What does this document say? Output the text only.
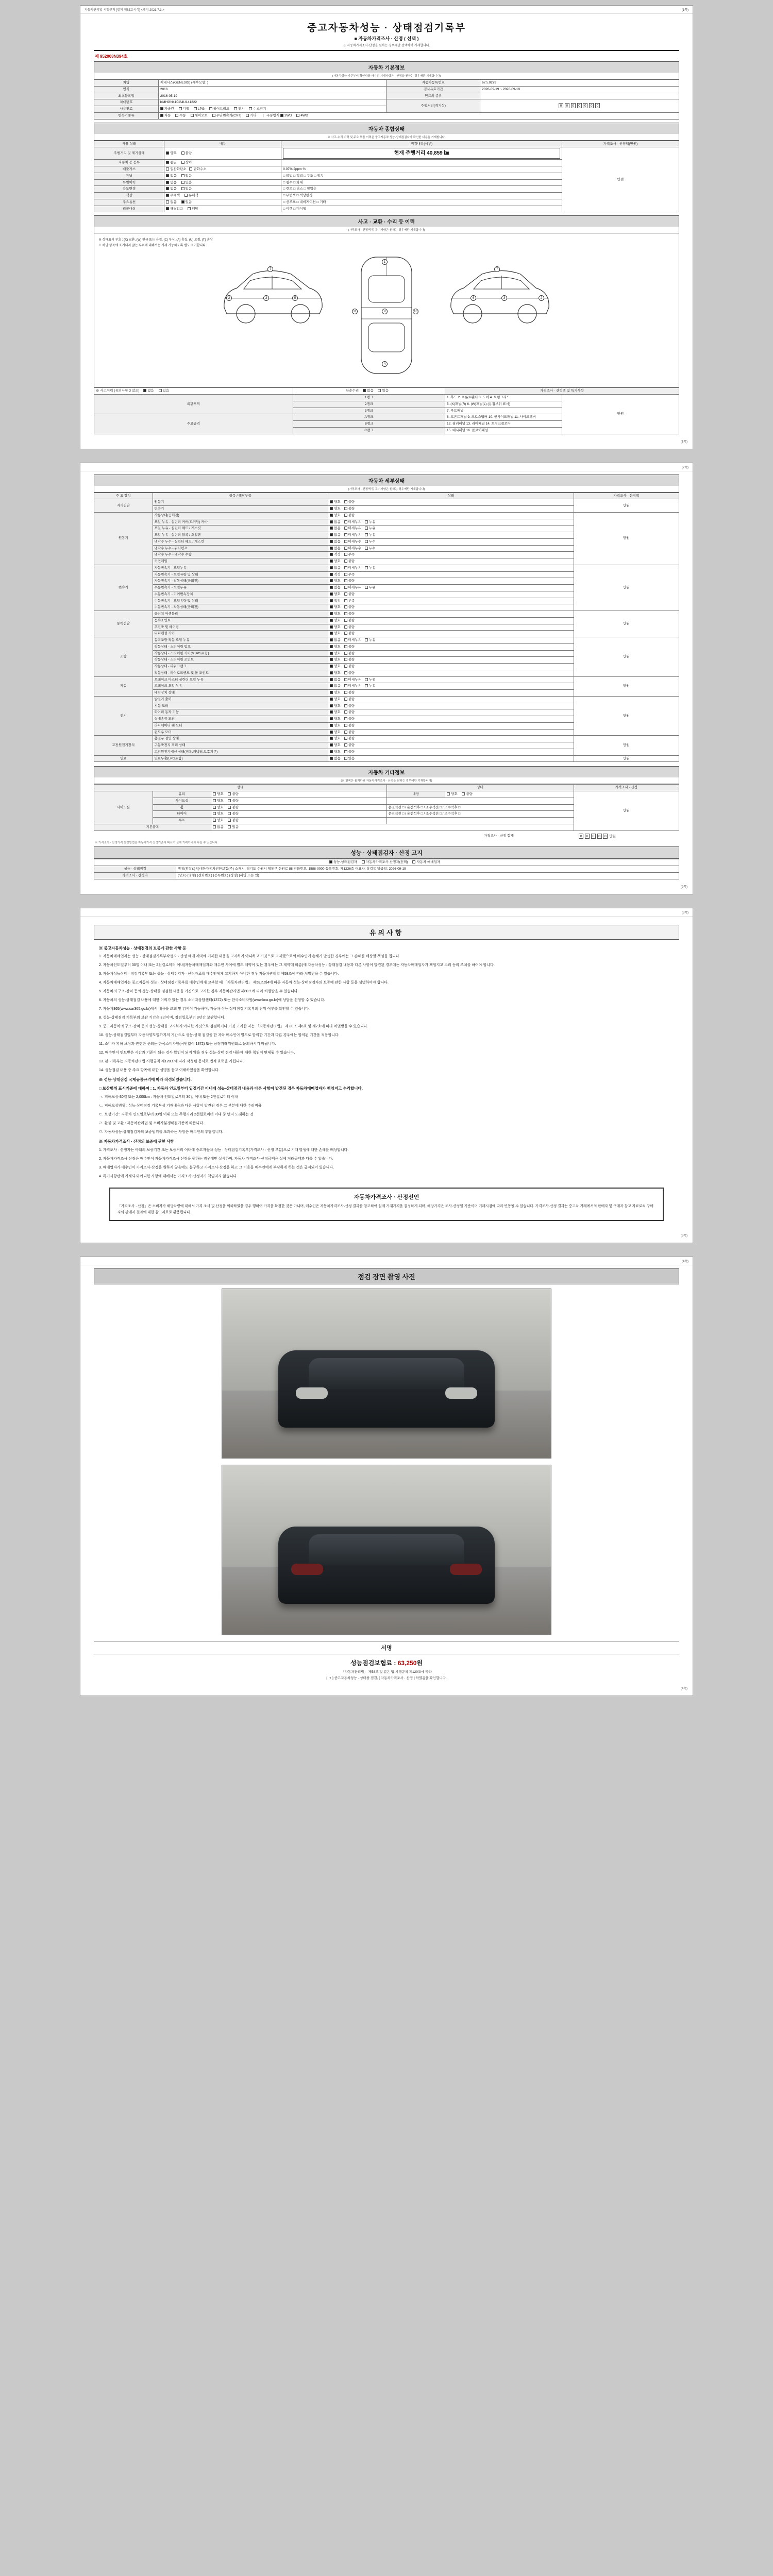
자동차관리법 시행규칙 [별지 제82호서식] <개정 2021.7.1.>	(1쪽)
중고자동차성능 · 상태점검기록부
■ 자동차가격조사 · 산정 ( 선택 )
※ 자동차가격조사·산정을 원하는 경우에만 선택하여 기재합니다.
제 952008N394호
자동차 기본정보
(자동차성능 기준부터 확인사항 까지의 기재사항은 · 산정을 원하는 경우에만 기재합니다)
차명	제네시스(GENESIS) (세부모델: )	자동차등록번호	67도0279
연식	2016	검사유효기간	2026-09-19 ~ 2028-09-19
최초등록일	2016-05-19	연료의 종류	
차대번호	KMHGN41CG4U141222	주행거리(계기상)	0 0 0 0 0 0 0
사용연료	가솔린 디젤 LPG 하이브리드 전기 수소전기		
변속기종류	자동 수동 세미오토 무단변속기(CVT) 기타   |   구동방식 2WD 4WD		
자동차 종합상태
※ 사고·수리 이력 및 주요 부품 이력은 중고자동차 성능·상태점검자가 확인한 내용을 기재합니다.
사용 상태	내용	점검내용(세부)	가격조사 · 산정액(만원)
주행거리 및 계기상태	양호 불량	현재 주행거리 40,859 ㎞	만원
자동차 등 등록	동일 상이		
배출가스	일산화탄소 탄화수소	0.07% 2ppm %	
튜닝	없음 있음	□ 불법 □ 적법 □ 구조 □ 장치	
특별이력	없음 있음	□ 침수 □ 화재	
용도변경	없음 있음	□ 렌트 □ 리스 □ 영업용	
색상	무채색 유채색	□ 무변색 □ 색상변경	
주요옵션	없음 있음	□ 선루프 □ 내비게이션 □ 기타	
리콜대상	해당없음 해당	□ 이행 □ 미이행	
사고 · 교환 · 수리 등 이력
(가격조사 · 산정액 및 특기사항은 원하는 경우에만 기재합니다)
※ 상태표시 부호 : (X) 교환, (W) 판금 또는 용접, (C) 부식, (A) 흠집, (U) 요철, (T) 손상
※ 하단 항목에 표기되지 않는 부위에 대해서는 기재 가능하도록 별도 표기합니다.
2	3	5
7
1
9
4
11	10
2
3
6
7
※ 사고이력 (유의사항 3 참조) 없음 있음	단순수리 없음 있음	가격조사 · 산정액 및 특기사항	
외판부위	1랭크	1. 후드 2. 프론트휀더 3. 도어 4. 트렁크리드	만원
	2랭크	5. (X)패널(R) 6. (W)패널(L) (용접부위 표시)	
	3랭크	7. 루프패널	
주요골격	A랭크	8. 프론트패널 9. 크로스멤버 10. 인사이드패널 11. 사이드멤버	
	B랭크	12. 필러패널 13. 리어패널 14. 트렁크플로어	
	C랭크	15. 대시패널 16. 플로어패널	
(1쪽)

(2쪽)
자동차 세부상태
(가격조사 · 산정액 및 특기사항은 원하는 경우에만 기재합니다)
주 요 장치	항목 / 해당부품	상태	가격조사 · 산정액
자기진단	원동기	양호 불량	만원
	변속기	양호 불량	
원동기	작동상태(공회전)	양호 불량	만원
	오일 누유 - 실린더 커버(로커암) 카바	없음 미세누유 누유	
	오일 누유 - 실린더 헤드 / 개스킷	없음 미세누유 누유	
	오일 누유 - 실린더 블록 / 오일팬	없음 미세누유 누유	
	냉각수 누수 - 실린더 헤드 / 개스킷	없음 미세누수 누수	
	냉각수 누수 - 워터펌프	없음 미세누수 누수	
	냉각수 누수 - 냉각수 수량	적정 부족	
	커먼레일	양호 불량	
변속기	자동변속기 - 오일누유	없음 미세누유 누유	만원
	자동변속기 - 오일유량 및 상태	적정 부족	
	자동변속기 - 작동상태(공회전)	양호 불량	
	수동변속기 - 오일누유	없음 미세누유 누유	
	수동변속기 - 기어변속장치	양호 불량	
	수동변속기 - 오일유량 및 상태	적정 부족	
	수동변속기 - 작동상태(공회전)	양호 불량	
동력전달	클러치 어셈블리	양호 불량	만원
	등속조인트	양호 불량	
	추진축 및 베어링	양호 불량	
	디퍼렌셜 기어	양호 불량	
조향	동력조향 작동 오일 누유	없음 미세누유 누유	만원
	작동상태 - 스티어링 펌프	양호 불량	
	작동상태 - 스티어링 기어(MDPS포함)	양호 불량	
	작동상태 - 스티어링 조인트	양호 불량	
	작동상태 - 파워크랭크	양호 불량	
	작동상태 - 타이로드엔드 및 볼 조인트	양호 불량	
제동	브레이크 마스터 실린더 오일 누유	없음 미세누유 누유	만원
	브레이크 오일 누유	없음 미세누유 누유	
	배력장치 상태	양호 불량	
전기	발전기 출력	양호 불량	만원
	시동 모터	양호 불량	
	와이퍼 동작 기능	양호 불량	
	실내송풍 모터	양호 불량	
	라디에이터 팬 모터	양호 불량	
	윈도우 모터	양호 불량	
고전원전기장치	충전구 절연 상태	양호 불량	만원
	구동축전지 격리 상태	양호 불량	
	고전원전기배선 상태(피복,커넥터,보호기구)	양호 불량	
연료	연료누출(LPG포함)	없음 있음	만원
자동차 기타정보
(※ 항목은 용지하되 자동차가격조사 · 산정을 원하는 경우에만 기재합니다)
상태			상태		가격조사 · 산정
사이드실	유리	양호 불량	내장	양호 불량	만원
	사이드실	양호 불량			
	휠	양호 불량	운전석전 □ / 운전석후 □ / 조수석전 □ / 조수석후 □		
	타이어	양호 불량	운전석전 □ / 운전석후 □ / 조수석전 □ / 조수석후 □		
	루프	양호 불량			
기본품목		없음 있음			
가격조사 · 산정 합계	0 0 0 0 0 만원
※ 가격조사 · 산정가격 산정방법은 자동차가격 산정기준에 따르며 실제 거래가격과 다를 수 있습니다.
성능 · 상태점검자 · 산정 고지
성능·상태점검자 자동차가격조사·산정자(선택) 자동차 매매업자	
성능 · 상태점검	명칭(위탁):(유)대한자동차진단보험(주) 소재지: 경기도 수원시 영통구 신원로 88 전화번호: 1588-0000 등록번호: 제1236호 대표자: 홍길동 발급일: 2026-09-19
가격조사 · 산정자	(상호) (명칭) (전화번호) (등록번호) (성명) (서명 또는 인)
(2쪽)

(3쪽)
유의사항

※ 중고자동차성능 · 상태점검의 보증에 관한 사항 등

1. 자동차매매업자는 성능 · 상태점검기록부작성자 · 산정 매매 계약에 기재한 내용을 고지하지 아니하고 거짓으로 고지했으로써 매수인에 손해가 발생한 경우에는 그 손해를 배상할 책임을 집니다.

2. 자동차인도일부터 30일 이내 또는 2천킬로미터 이내(자동차매매업자와 매수인 사이에 별도 계약이 있는 경우에는 그 계약에 따름)에 자동차성능 · 상태점검 내용과 다른 사항이 발견된 경우에는 자동차매매업자가 책임지고 수리 등의 조치를 하여야 합니다.

3. 자동차성능상태 · 점검기록부 또는 성능 · 상태점검자 · 산정자료를 매수인에게 고지하지 아니한 경우 자동차관리법 제58조에 따라 처벌받을 수 있습니다.

4. 자동차매매업자는 중고자동차 성능 · 상태점검기록부를 매수인에게 교부할 때 「자동차관리법」 제58조의4에 따른 자동차 성능·상태점검자의 보증에 관한 사항 등을 설명하여야 합니다.

5. 자동차의 구조·장치 등의 성능·상태를 점검한 내용을 거짓으로 고지한 경우 자동차관리법 제80조에 따라 처벌받을 수 있습니다.

6. 자동차의 성능·상태점검 내용에 대한 이의가 있는 경우 소비자상담센터(1372) 또는 한국소비자원(www.kca.go.kr)에 상담을 신청할 수 있습니다.

7. 자동차365(www.car365.go.kr)에서 내용을 조회 및 검색이 가능하며, 자동차 성능·상태점검 기록부의 진위 여부를 확인할 수 있습니다.

8. 성능·상태점검 기록부의 보관 기간은 3년이며, 점검일로부터 3년간 보관합니다.

9. 중고자동차의 구조·장치 등의 성능·상태를 고지하지 아니한 거짓으로 점검하거나 거짓 고지한 자는 「자동차관리법」 제 80조 제6호 및 제7호에 따라 처벌받을 수 있습니다.

10. 성능·상태점검일부터 자동차양도일까지의 기간으로 성능·상태 점검을 한 자와 매수인이 별도로 합의한 기간과 다른 경우에는 합의된 기간을 적용합니다.

11. 소비자 피해 보상과 관련한 문의는 한국소비자원(국번없이 1372) 또는 공정거래위원회로 문의하시기 바랍니다.

12. 매수인이 인도받은 시간과 기준이 되는 검사 확인이 되지 않을 경우 성능·상태 점검 내용에 대한 책임이 면제될 수 있습니다.

13. 본 기록부는 자동차관리법 시행규칙 제120조에 따라 작성된 문서로 법적 효력을 가집니다.

14. 성능점검 내용 중 주요 항목에 대한 설명을 듣고 이해하였음을 확인합니다.

※ 성능·상태점검 국제공통규격에 따라 작성되었습니다.

□ 보상범위 표시기준에 대하여 : 1. 자동차 인도일부터 일정기간 이내에 성능·상태점검 내용과 다른 사항이 발견된 경우 자동차매매업자가 책임지고 수리합니다.

ㄱ. 피해보상-30일 또는 2,000km : 자동차 인도일로부터 30일 이내 또는 2천킬로미터 이내

ㄴ. 피해보상범위 : 성능·상태점검 기록부상 기재내용과 다른 사항이 발견된 경우 그 부분에 대한 수리비용

ㄷ. 보상기간 : 자동차 인도일로부터 30일 이내 또는 주행거리 2천킬로미터 이내 중 먼저 도래하는 것

ㄹ. 환불 및 교환 : 자동차관리법 및 소비자분쟁해결기준에 따릅니다.

ㅁ. 자동차성능·상태점검자의 보증범위를 초과하는 사항은 매수인의 부담입니다.

※ 자동차가격조사 · 산정의 보증에 관한 사항

1. 가격조사 · 산정자는 아래의 보증기간 또는 보증거리 이내에 중고자동차 성능 · 상태점검기록부(가격조사 · 산정 부분)으로 기재 발생에 대한 손해를 배상합니다.

2. 자동차가격조사·산정은 매수인이 자동차가격조사·산정을 원하는 경우에만 실시하며, 자동차 가격조사·산정금액은 실제 거래금액과 다를 수 있습니다.

3. 매매업자가 매수인이 가격조사·산정을 원하지 않음에도 불구하고 가격조사·산정을 하고 그 비용을 매수인에게 부담하게 하는 것은 금지되어 있습니다.

4. 특기사항란에 기재되지 아니한 사항에 대해서는 가격조사·산정자가 책임지지 않습니다.

자동차가격조사 · 산정선언
「가격조사 · 산정」은 소비자가 해당차량에 대해서 가격 조사 및 산정을 의뢰하였을 경우 행하여 가격을 확정한 것은 아니며, 매수인은 자동차가격조사·산정 결과를 참고하여 실제 거래가격을 결정하게 되며, 해당가격은 조사·산정일 기준이며 거래시점에 따라 변동될 수 있습니다. 가격조사·산정 결과는 중고차 거래에서의 판매자 및 구매자 참고 자료로써 구매자와 판매자 결과에 대한 참고자료로 활용됩니다.
(3쪽)

(4쪽)
점검 장면 촬영 사진
서명
성능점검보험료 : 63,250원
「자동차관리법」 제58조 및 같은 법 시행규칙 제120조에 따라
[ ㄱ ] 중고자동차성능 · 상태를 점검, [ 자동차가격조사 · 산정 ] 하였음을 확인합니다.
(4쪽)
